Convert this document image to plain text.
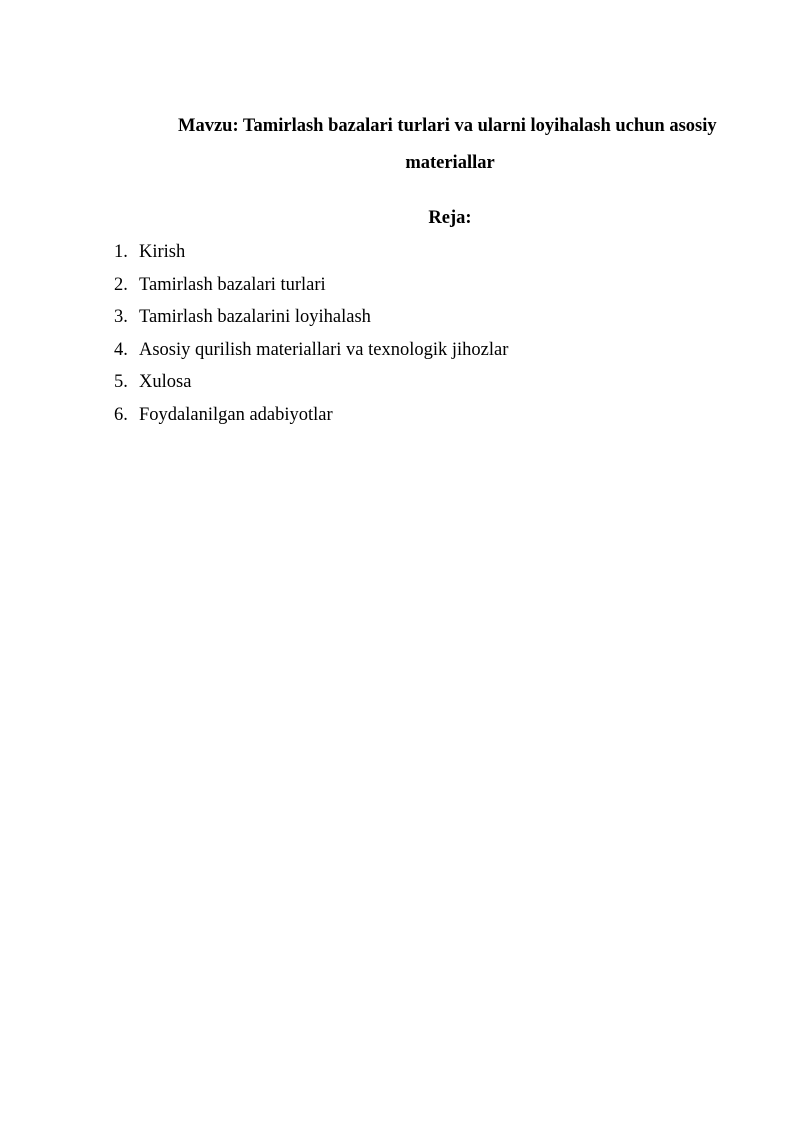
Mavzu: Tamirlash bazalari turlari va ularni loyihalash uchun asosiy
materiallar
Reja:
1. Kirish
2. Tamirlash bazalari turlari
3. Tamirlash bazalarini loyihalash
4. Asosiy qurilish materiallari va texnologik jihozlar
5. Xulosa
6. Foydalanilgan adabiyotlar
